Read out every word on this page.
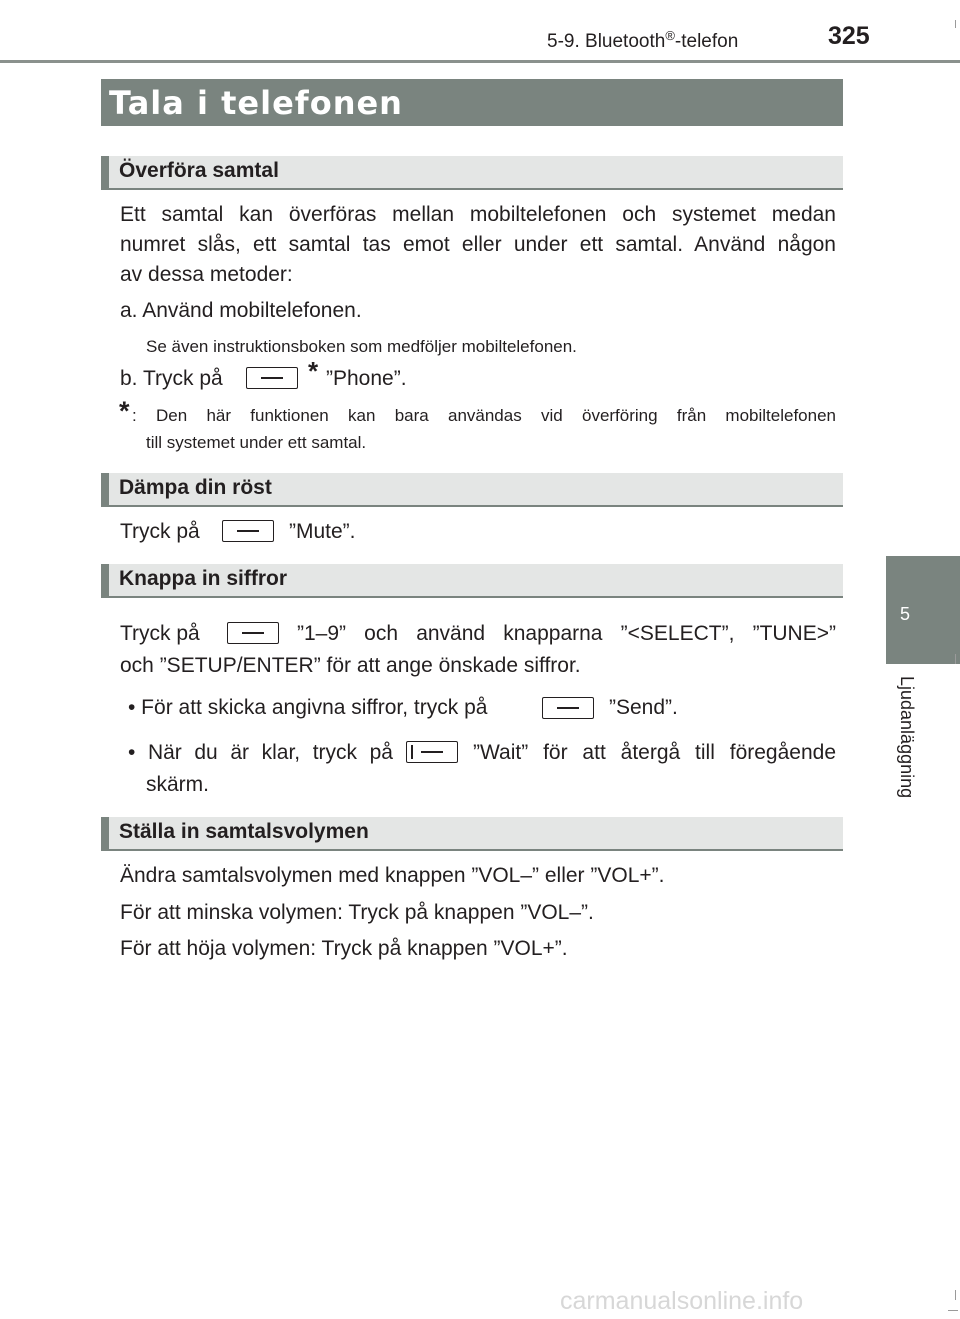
5-9. Bluetooth®-telefon	325
5
Ljudanläggning
Tala i telefonen
Överföra samtal
Ett samtal kan överföras mellan mobiltelefonen och systemet medan
numret slås, ett samtal tas emot eller under ett samtal. Använd någon
av dessa metoder:
a. Använd mobiltelefonen.
Se även instruktionsboken som medföljer mobiltelefonen.
b. Tryck på	* ”Phone”.
* : Den här funktionen kan bara användas vid överföring från mobiltelefonen
till systemet under ett samtal.
Dämpa din röst
Tryck på	”Mute”.
Knappa in siffror
Tryck på	”1–9” och använd knapparna ”<SELECT”, ”TUNE>”
och ”SETUP/ENTER” för att ange önskade siffror.
• För att skicka angivna siffror, tryck på	”Send”.
• När du är klar, tryck på	”Wait” för att återgå till föregående
skärm.
Ställa in samtalsvolymen
Ändra samtalsvolymen med knappen ”VOL–” eller ”VOL+”.
För att minska volymen: Tryck på knappen ”VOL–”.
För att höja volymen: Tryck på knappen ”VOL+”.
carmanualsonline.info
